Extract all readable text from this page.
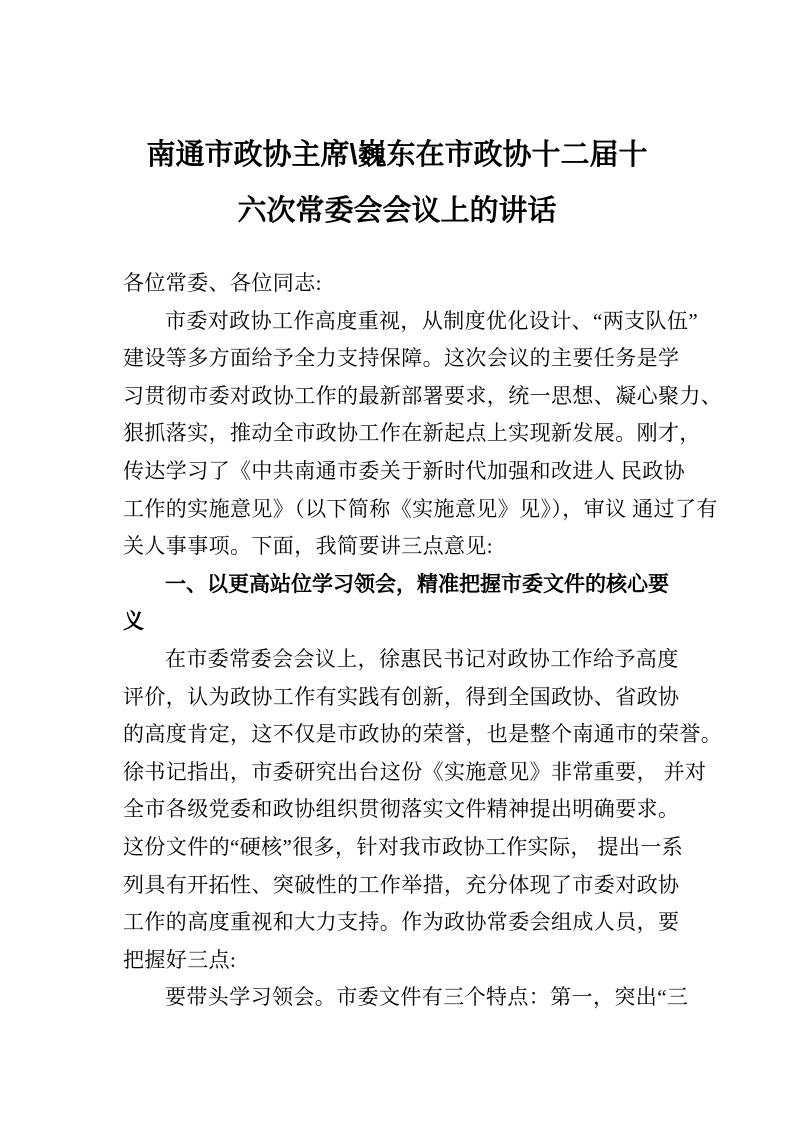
南通市政协主席\巍东在市政协十二届十
六次常委会会议上的讲话
各位常委、各位同志:
市委对政协工作高度重视，从制度优化设计、“两支队伍”
建设等多方面给予全力支持保障。这次会议的主要任务是学
习贯彻市委对政协工作的最新部署要求，统一思想、凝心聚力、
狠抓落实，推动全市政协工作在新起点上实现新发展。刚才，
传达学习了《中共南通市委关于新时代加强和改进人 民政协
工作的实施意见》（以下简称《实施意见》见》），审议 通过了有
关人事事项。下面，我简要讲三点意见:
一、以更高站位学习领会，精准把握市委文件的核心要
义
在市委常委会会议上，徐惠民书记对政协工作给予高度
评价，认为政协工作有实践有创新，得到全国政协、省政协
的高度肯定，这不仅是市政协的荣誉，也是整个南通市的荣誉。
徐书记指出，市委研究出台这份《实施意见》非常重要， 并对
全市各级党委和政协组织贯彻落实文件精神提出明确要求。
这份文件的“硬核”很多，针对我市政协工作实际， 提出一系
列具有开拓性、突破性的工作举措，充分体现了市委对政协
工作的高度重视和大力支持。作为政协常委会组成人员，要
把握好三点:
要带头学习领会。市委文件有三个特点：第一，突出“三
